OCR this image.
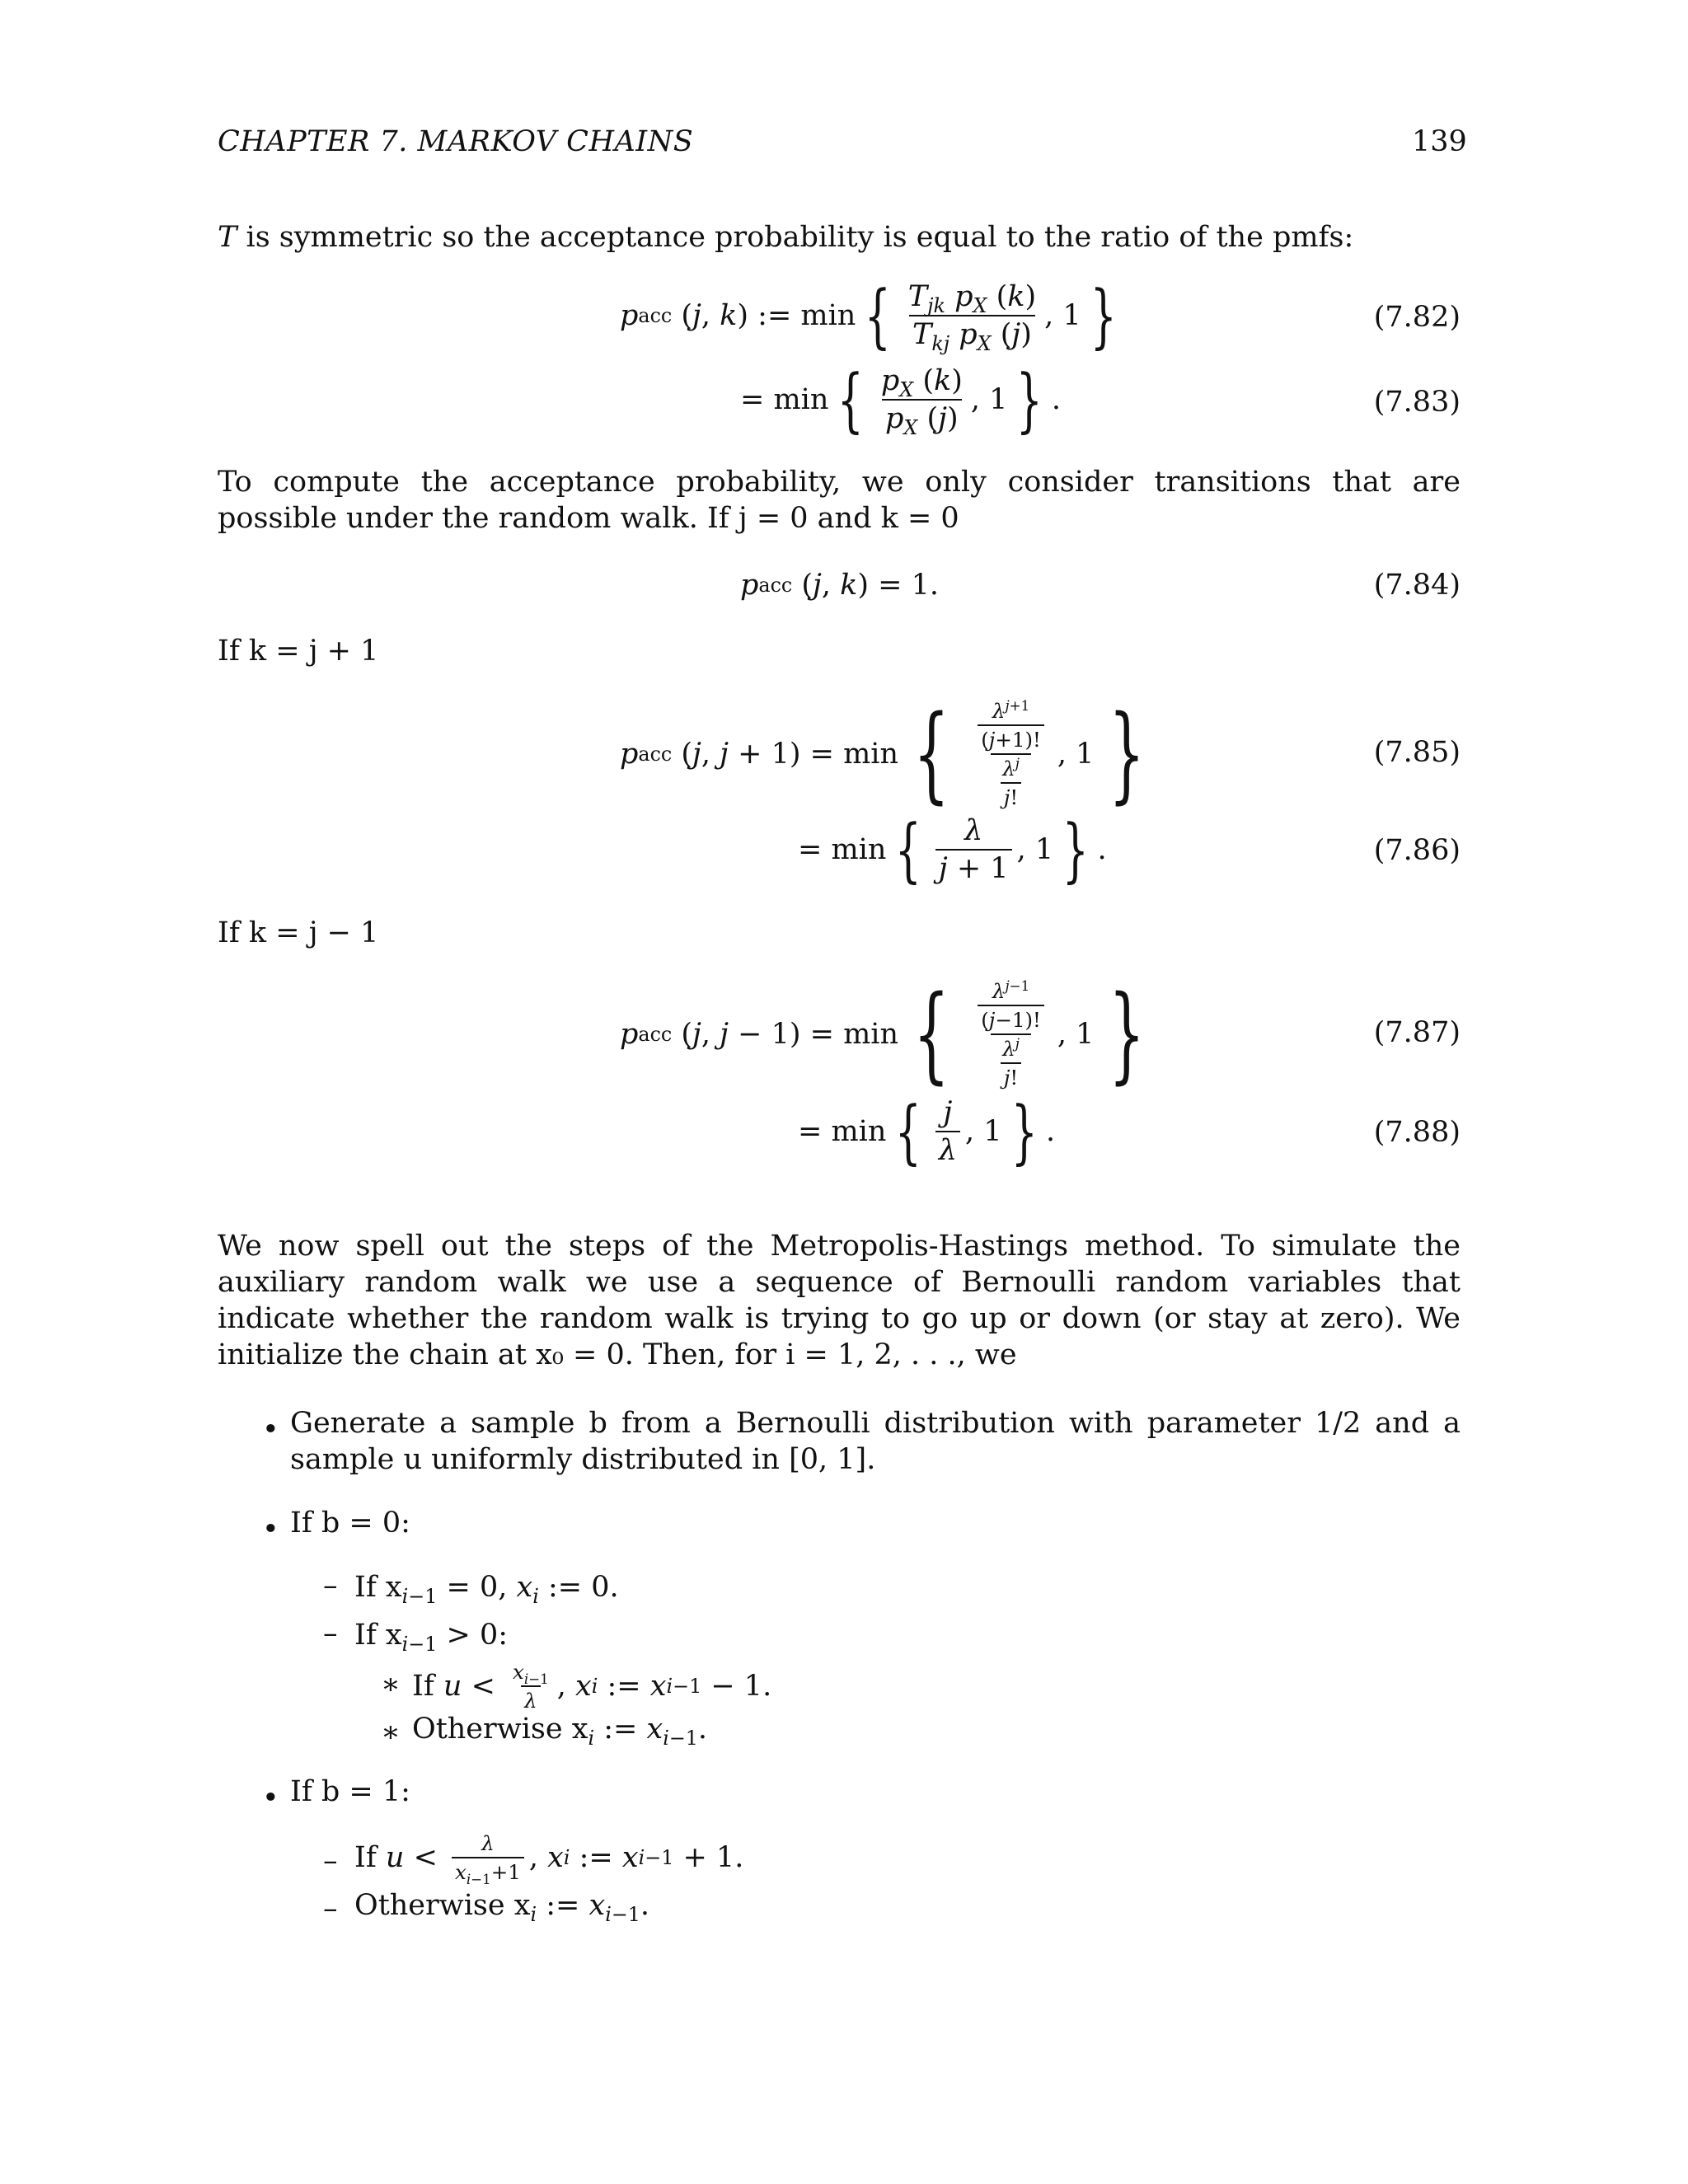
CHAPTER 7. MARKOV CHAINS	139
T is symmetric so the acceptance probability is equal to the ratio of the pmfs:
p acc ( j , k ) := min { $\frac{T_{jk} p_X (k)}{T_{kj} p_X (j)}$ , 1 }	(7.82)
= min { $\frac{p_X (k)}{p_X (j)}$ , 1 } .	(7.83)
To compute the acceptance probability, we only consider transitions that are possible under the random walk. If j = 0 and k = 0
p acc ( j , k ) = 1.	(7.84)
If k = j + 1
p acc ( j , j + 1) = min { $\frac{\frac{\lambda^{j+1}}{(j+1)!}}{\frac{\lambda^j}{j!}}$ , 1 }	(7.85)
= min { $\frac{\lambda}{j + 1}$ , 1 } .	(7.86)
If k = j − 1
p acc ( j , j − 1) = min { $\frac{\frac{\lambda^{j-1}}{(j-1)!}}{\frac{\lambda^j}{j!}}$ , 1 }	(7.87)
= min { $\frac{j}{\lambda}$ , 1 } .	(7.88)
We now spell out the steps of the Metropolis-Hastings method. To simulate the auxiliary random walk we use a sequence of Bernoulli random variables that indicate whether the random walk is trying to go up or down (or stay at zero). We initialize the chain at x₀ = 0. Then, for i = 1, 2, . . ., we
• Generate a sample b from a Bernoulli distribution with parameter 1/2 and a sample u uniformly distributed in [0, 1].
• If b = 0:
– If $x_{i-1} = 0$, $x_i$ := 0.
– If $x_{i-1} > 0$:
∗ If $u < \frac{x_{i-1}}{\lambda}$ , x i := x i−1 − 1.
∗ Otherwise $x_i$ := $x_{i-1}$.
• If b = 1:
– If $u < \frac{\lambda}{x_{i-1}+1}$ , x i := x i−1 + 1.
– Otherwise $x_i$ := $x_{i-1}$.
